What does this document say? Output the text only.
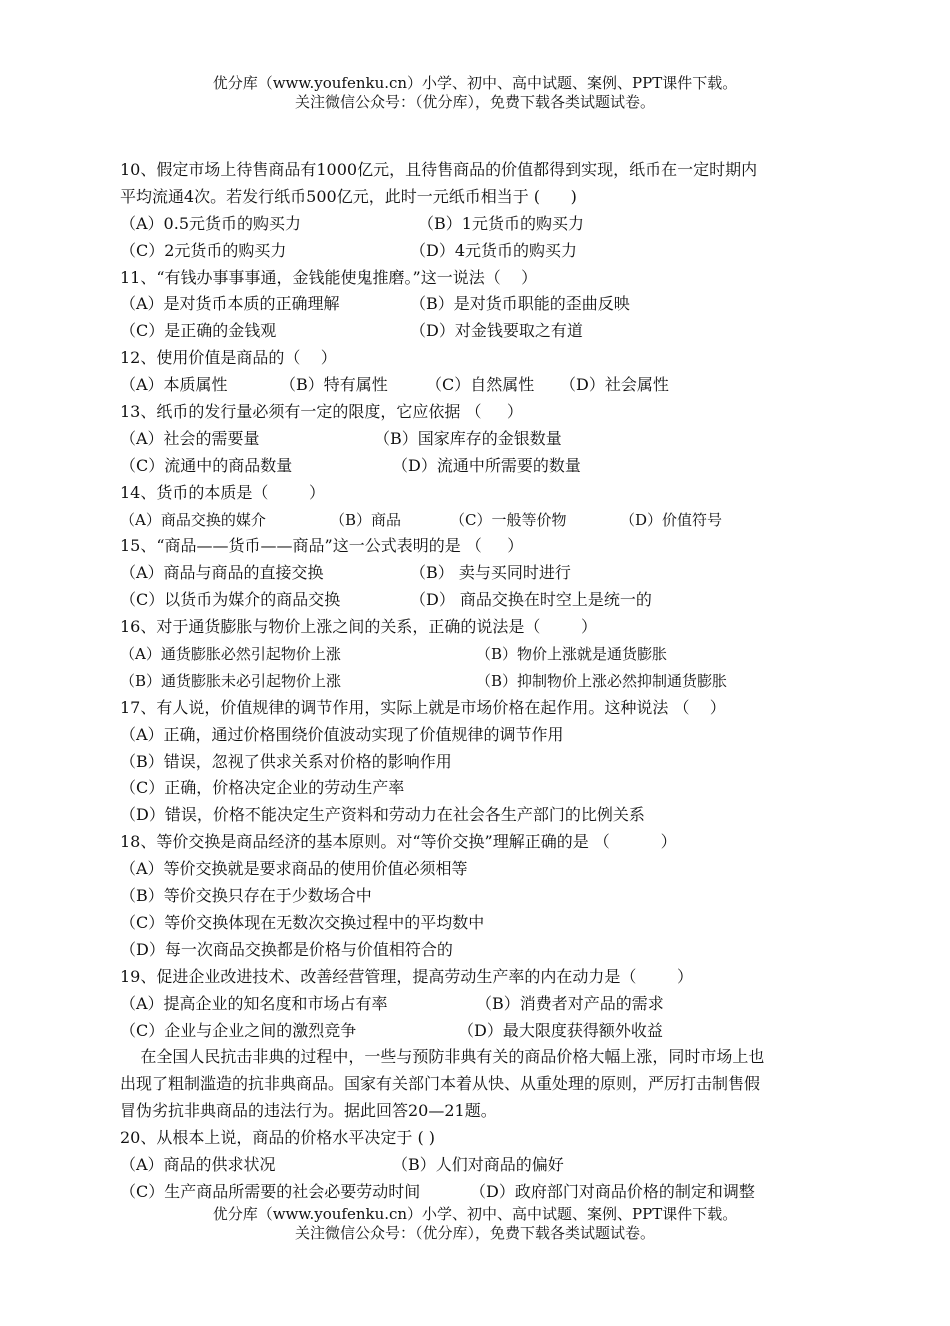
优分库（www.youfenku.cn）小学、初中、高中试题、案例、PPT课件下载。
关注微信公众号：（优分库），免费下载各类试题试卷。
10、假定市场上待售商品有1000亿元，且待售商品的价值都得到实现，纸币在一定时期内
平均流通4次。若发行纸币500亿元，此时一元纸币相当于 (      )
（A）0.5元货币的购买力	（B）1元货币的购买力
（C）2元货币的购买力	（D）4元货币的购买力
11、“有钱办事事事通，金钱能使鬼推磨。”这一说法（    ）
（A）是对货币本质的正确理解	（B）是对货币职能的歪曲反映
（C）是正确的金钱观	（D）对金钱要取之有道
12、使用价值是商品的（    ）
（A）本质属性	（B）特有属性 （C）自然属性 （D）社会属性
13、纸币的发行量必须有一定的限度，它应依据 （     ）
（A）社会的需要量	（B）国家库存的金银数量
（C）流通中的商品数量	（D）流通中所需要的数量
14、货币的本质是（        ）
（A）商品交换的媒介	（B）商品	（C）一般等价物	（D）价值符号
15、“商品——货币——商品”这一公式表明的是 （     ）
（A）商品与商品的直接交换	（B） 卖与买同时进行
（C）以货币为媒介的商品交换	（D） 商品交换在时空上是统一的
16、对于通货膨胀与物价上涨之间的关系，正确的说法是（        ）
（A）通货膨胀必然引起物价上涨	（B）物价上涨就是通货膨胀
（B）通货膨胀未必引起物价上涨	（B）抑制物价上涨必然抑制通货膨胀
17、有人说，价值规律的调节作用，实际上就是市场价格在起作用。这种说法 （    ）
（A）正确，通过价格围绕价值波动实现了价值规律的调节作用
（B）错误，忽视了供求关系对价格的影响作用
（C）正确，价格决定企业的劳动生产率
（D）错误，价格不能决定生产资料和劳动力在社会各生产部门的比例关系
18、等价交换是商品经济的基本原则。对“等价交换”理解正确的是 （          ）
（A）等价交换就是要求商品的使用价值必须相等
（B）等价交换只存在于少数场合中
（C）等价交换体现在无数次交换过程中的平均数中
（D）每一次商品交换都是价格与价值相符合的
19、促进企业改进技术、改善经营管理，提高劳动生产率的内在动力是（        ）
（A）提高企业的知名度和市场占有率	（B）消费者对产品的需求
（C）企业与企业之间的激烈竞争	（D）最大限度获得额外收益
在全国人民抗击非典的过程中，一些与预防非典有关的商品价格大幅上涨，同时市场上也
出现了粗制滥造的抗非典商品。国家有关部门本着从快、从重处理的原则，严厉打击制售假
冒伪劣抗非典商品的违法行为。据此回答20—21题。
20、从根本上说，商品的价格水平决定于 ( )
（A）商品的供求状况	（B）人们对商品的偏好
（C）生产商品所需要的社会必要劳动时间	（D）政府部门对商品价格的制定和调整
优分库（www.youfenku.cn）小学、初中、高中试题、案例、PPT课件下载。
关注微信公众号：（优分库），免费下载各类试题试卷。
